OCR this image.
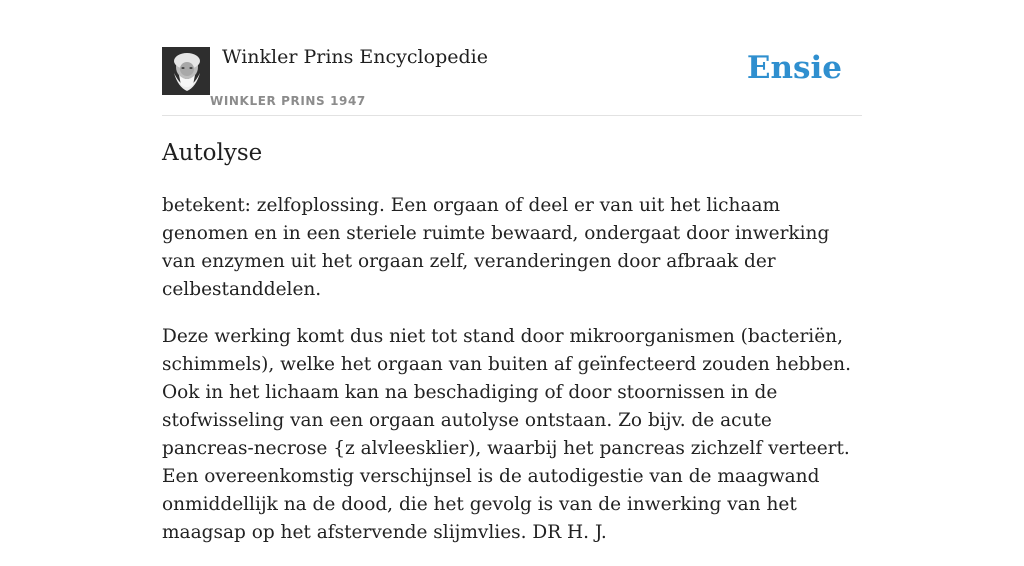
Winkler Prins Encyclopedie
WINKLER PRINS 1947
Ensie
Autolyse

betekent: zelfoplossing. Een orgaan of deel er van uit het lichaam genomen en in een steriele ruimte bewaard, ondergaat door inwerking van enzymen uit het orgaan zelf, veranderingen door afbraak der celbestanddelen.

Deze werking komt dus niet tot stand door mikroorganismen (bacteriën, schimmels), welke het orgaan van buiten af geïnfecteerd zouden hebben. Ook in het lichaam kan na beschadiging of door stoornissen in de stofwisseling van een orgaan autolyse ontstaan. Zo bijv. de acute pancreas-necrose {z alvleesklier), waarbij het pancreas zichzelf verteert. Een overeenkomstig verschijnsel is de autodigestie van de maagwand onmiddellijk na de dood, die het gevolg is van de inwerking van het maagsap op het afstervende slijmvlies. DR H. J.
